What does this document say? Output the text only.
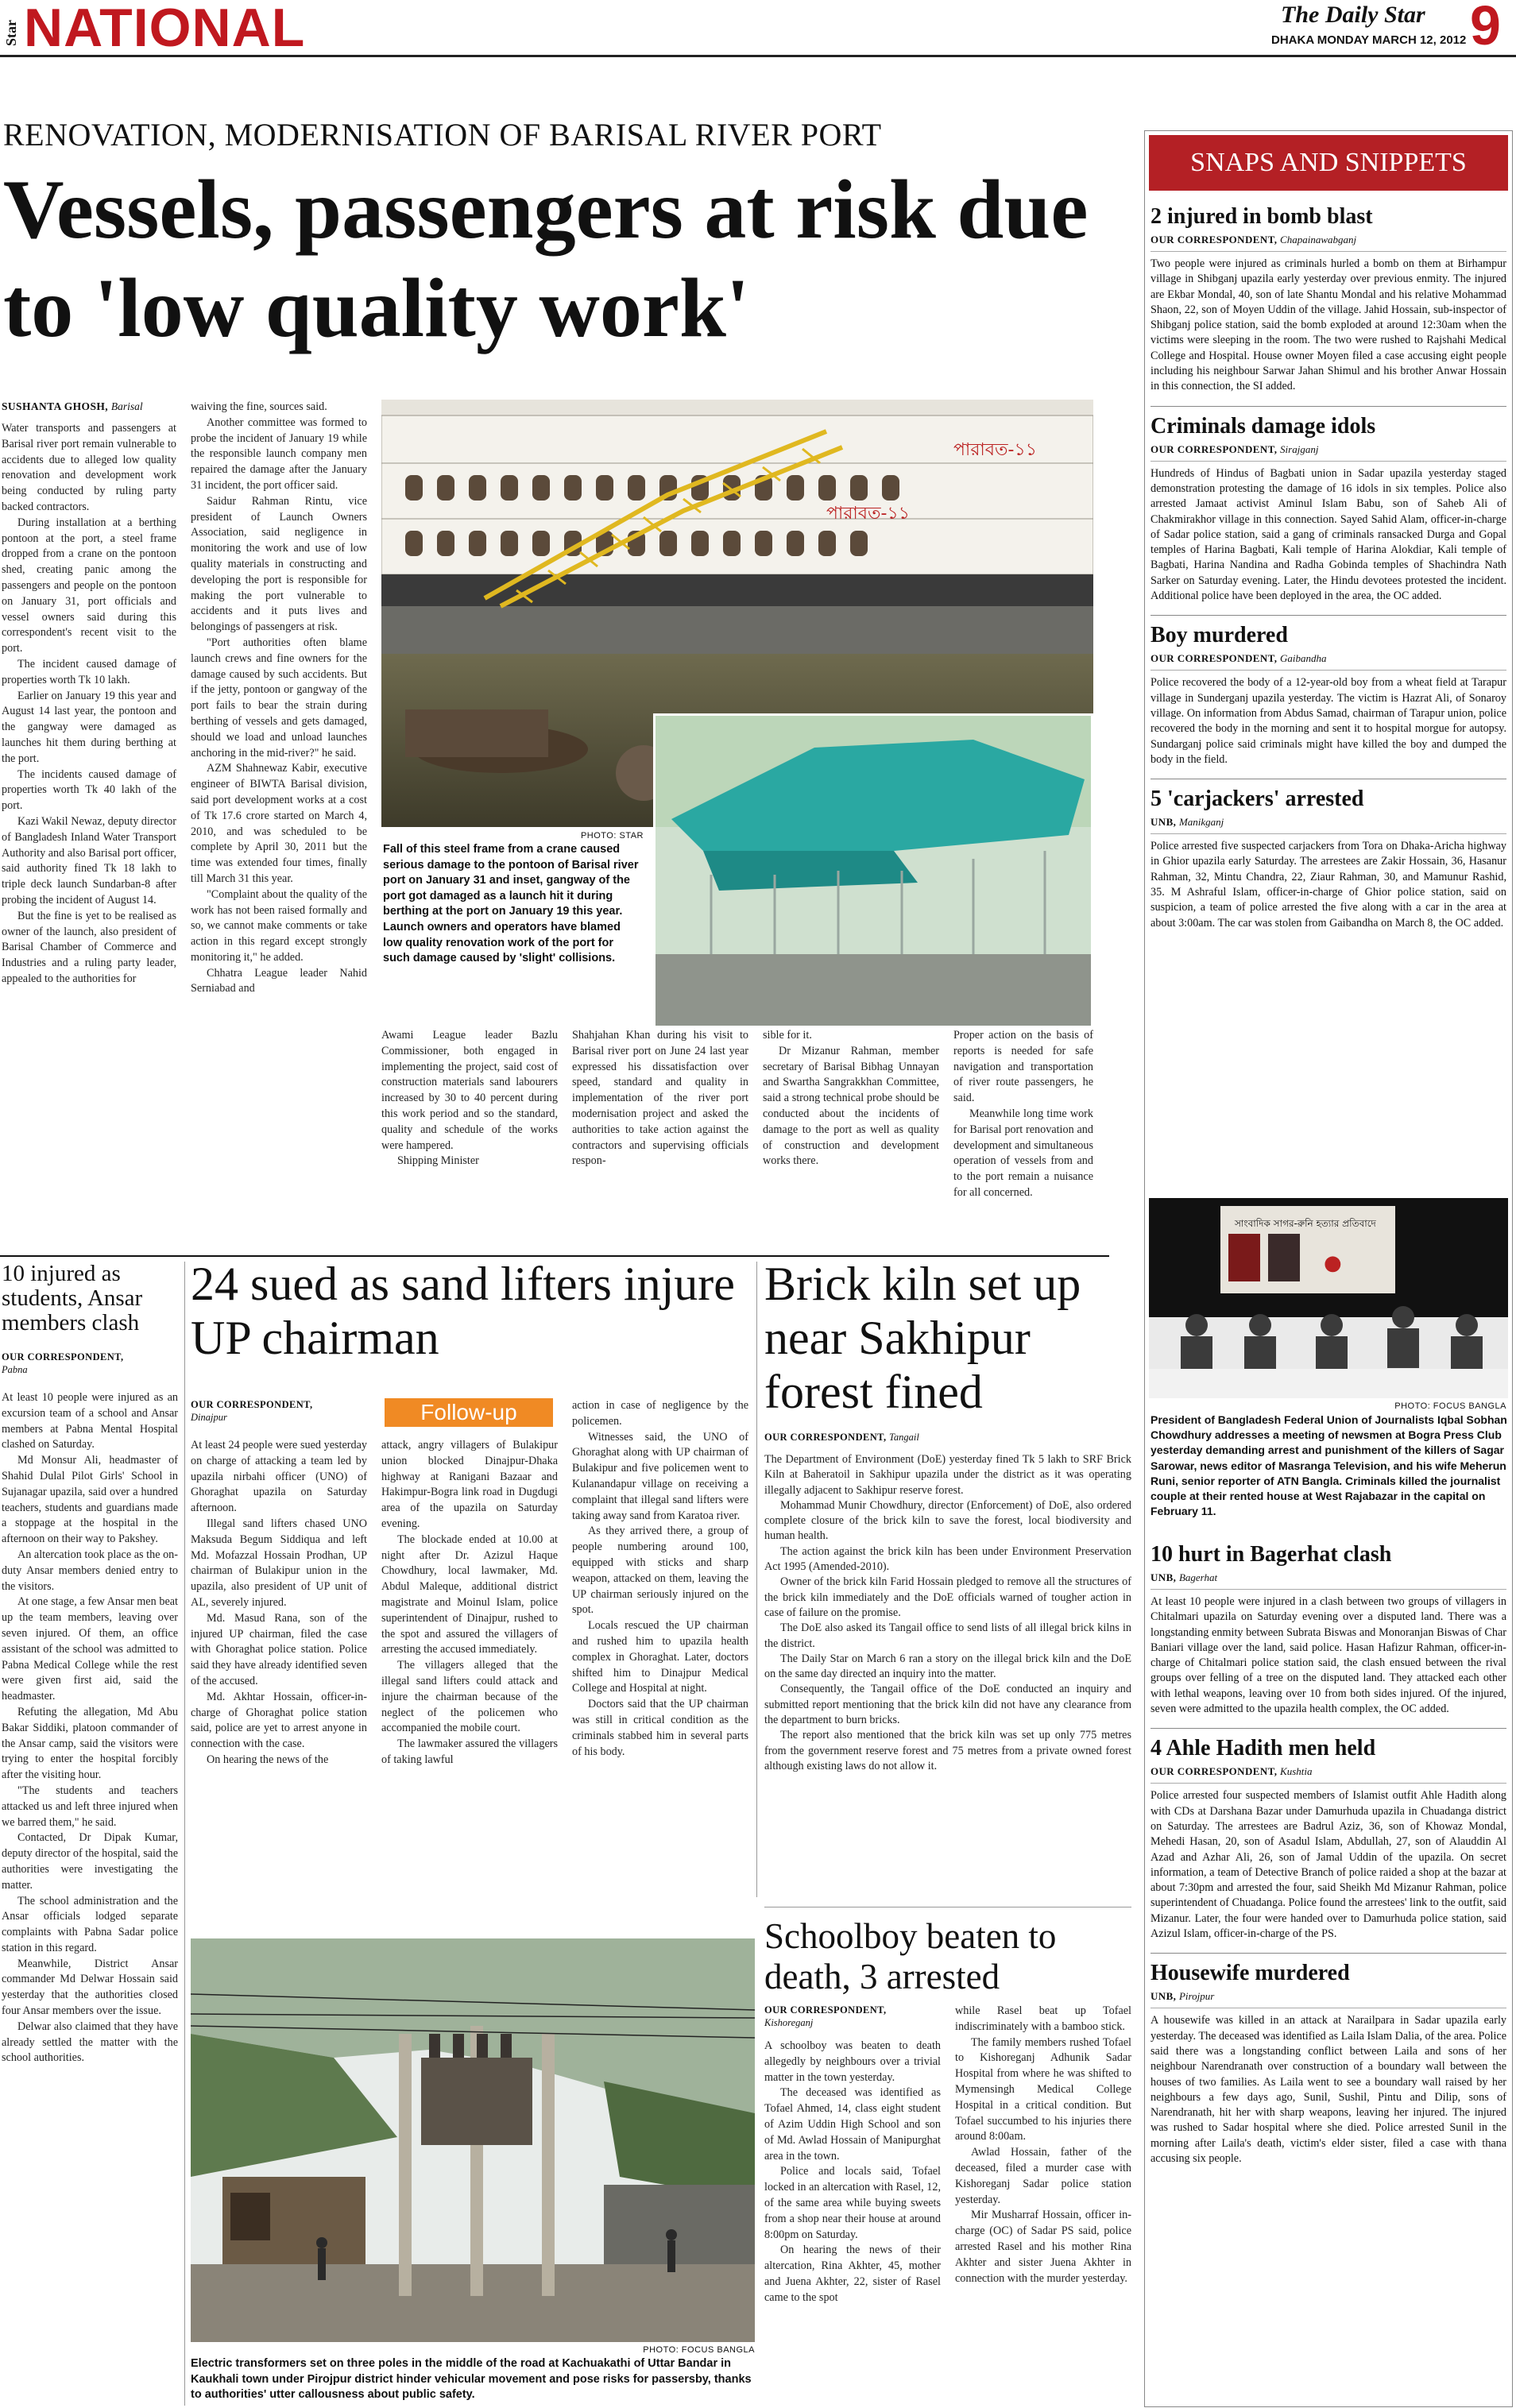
Star NATIONAL	The Daily Star
DHAKA MONDAY MARCH 12, 2012 9
RENOVATION, MODERNISATION OF BARISAL RIVER PORT
Vessels, passengers at risk due to 'low quality work'
SUSHANTA GHOSH, Barisal

Water transports and passengers at Barisal river port remain vulnerable to accidents due to alleged low quality renovation and development work being conducted by ruling party backed contractors.

During installation at a berthing pontoon at the port, a steel frame dropped from a crane on the pontoon shed, creating panic among the passengers and people on the pontoon on January 31, port officials and vessel owners said during this correspondent's recent visit to the port.

The incident caused damage of properties worth Tk 10 lakh.

Earlier on January 19 this year and August 14 last year, the pontoon and the gangway were damaged as launches hit them during berthing at the port.

The incidents caused damage of properties worth Tk 40 lakh of the port.

Kazi Wakil Newaz, deputy director of Bangladesh Inland Water Transport Authority and also Barisal port officer, said authority fined Tk 18 lakh to triple deck launch Sundarban-8 after probing the incident of August 14.

But the fine is yet to be realised as owner of the launch, also president of Barisal Chamber of Commerce and Industries and a ruling party leader, appealed to the authorities for

waiving the fine, sources said.

Another committee was formed to probe the incident of January 19 while the responsible launch company men repaired the damage after the January 31 incident, the port officer said.

Saidur Rahman Rintu, vice president of Launch Owners Association, said negligence in monitoring the work and use of low quality materials in constructing and developing the port is responsible for making the port vulnerable to accidents and it puts lives and belongings of passengers at risk.

"Port authorities often blame launch crews and fine owners for the damage caused by such accidents. But if the jetty, pontoon or gangway of the port fails to bear the strain during berthing of vessels and gets damaged, should we load and unload launches anchoring in the mid-river?" he said.

AZM Shahnewaz Kabir, executive engineer of BIWTA Barisal division, said port development works at a cost of Tk 17.6 crore started on March 4, 2010, and was scheduled to be complete by April 30, 2011 but the time was extended four times, finally till March 31 this year.

"Complaint about the quality of the work has not been raised formally and so, we cannot make comments or take action in this regard except strongly monitoring it," he added.

Chhatra League leader Nahid Serniabad and

পারাবত-১১
পারাবত-১১
PHOTO: STAR
Fall of this steel frame from a crane caused serious damage to the pontoon of Barisal river port on January 31 and inset, gangway of the port got damaged as a launch hit it during berthing at the port on January 19 this year. Launch owners and operators have blamed low quality renovation work of the port for such damage caused by 'slight' collisions.

Awami League leader Bazlu Commissioner, both engaged in implementing the project, said cost of construction materials sand labourers increased by 30 to 40 percent during this work period and so the standard, quality and schedule of the works were hampered.

Shipping Minister

Shahjahan Khan during his visit to Barisal river port on June 24 last year expressed his dissatisfaction over speed, standard and quality in implementation of the river port modernisation project and asked the authorities to take action against the contractors and supervising officials respon-

sible for it.

Dr Mizanur Rahman, member secretary of Barisal Bibhag Unnayan and Swartha Sangrakkhan Committee, said a strong technical probe should be conducted about the incidents of damage to the port as well as quality of construction and development works there.

Proper action on the basis of reports is needed for safe navigation and transportation of river route passengers, he said.

Meanwhile long time work for Barisal port renovation and development and simultaneous operation of vessels from and to the port remain a nuisance for all concerned.

10 injured as students, Ansar members clash
OUR CORRESPONDENT,
Pabna

At least 10 people were injured as an excursion team of a school and Ansar members at Pabna Mental Hospital clashed on Saturday.

Md Monsur Ali, headmaster of Shahid Dulal Pilot Girls' School in Sujanagar upazila, said over a hundred teachers, students and guardians made a stoppage at the hospital in the afternoon on their way to Pakshey.

An altercation took place as the on-duty Ansar members denied entry to the visitors.

At one stage, a few Ansar men beat up the team members, leaving over seven injured. Of them, an office assistant of the school was admitted to Pabna Medical College while the rest were given first aid, said the headmaster.

Refuting the allegation, Md Abu Bakar Siddiki, platoon commander of the Ansar camp, said the visitors were trying to enter the hospital forcibly after the visiting hour.

"The students and teachers attacked us and left three injured when we barred them," he said.

Contacted, Dr Dipak Kumar, deputy director of the hospital, said the authorities were investigating the matter.

The school administration and the Ansar officials lodged separate complaints with Pabna Sadar police station in this regard.

Meanwhile, District Ansar commander Md Delwar Hossain said yesterday that the authorities closed four Ansar members over the issue.

Delwar also claimed that they have already settled the matter with the school authorities.

24 sued as sand lifters injure UP chairman
OUR CORRESPONDENT,
Dinajpur	Follow-up

At least 24 people were sued yesterday on charge of attacking a team led by upazila nirbahi officer (UNO) of Ghoraghat upazila on Saturday afternoon.

Illegal sand lifters chased UNO Maksuda Begum Siddiqua and left Md. Mofazzal Hossain Prodhan, UP chairman of Bulakipur union in the upazila, also president of UP unit of AL, severely injured.

Md. Masud Rana, son of the injured UP chairman, filed the case with Ghoraghat police station. Police said they have already identified seven of the accused.

Md. Akhtar Hossain, officer-in-charge of Ghoraghat police station said, police are yet to arrest anyone in connection with the case.

On hearing the news of the

attack, angry villagers of Bulakipur union blocked Dinajpur-Dhaka highway at Ranigani Bazaar and Hakimpur-Bogra link road in Dugdugi area of the upazila on Saturday evening.

The blockade ended at 10.00 at night after Dr. Azizul Haque Chowdhury, local lawmaker, Md. Abdul Maleque, additional district magistrate and Moinul Islam, police superintendent of Dinajpur, rushed to the spot and assured the villagers of arresting the accused immediately.

The villagers alleged that the illegal sand lifters could attack and injure the chairman because of the neglect of the policemen who accompanied the mobile court.

The lawmaker assured the villagers of taking lawful

action in case of negligence by the policemen.

Witnesses said, the UNO of Ghoraghat along with UP chairman of Bulakipur and five policemen went to Kulanandapur village on receiving a complaint that illegal sand lifters were taking away sand from Karatoa river.

As they arrived there, a group of people numbering around 100, equipped with sticks and sharp weapon, attacked on them, leaving the UP chairman seriously injured on the spot.

Locals rescued the UP chairman and rushed him to upazila health complex in Ghoraghat. Later, doctors shifted him to Dinajpur Medical College and Hospital at night.

Doctors said that the UP chairman was still in critical condition as the criminals stabbed him in several parts of his body.

PHOTO: FOCUS BANGLA
Electric transformers set on three poles in the middle of the road at Kachuakathi of Uttar Bandar in Kaukhali town under Pirojpur district hinder vehicular movement and pose risks for passersby, thanks to authorities' utter callousness about public safety.
Brick kiln set up near Sakhipur forest fined
OUR CORRESPONDENT, Tangail

The Department of Environment (DoE) yesterday fined Tk 5 lakh to SRF Brick Kiln at Baheratoil in Sakhipur upazila under the district as it was operating illegally adjacent to Sakhipur reserve forest.

Mohammad Munir Chowdhury, director (Enforcement) of DoE, also ordered complete closure of the brick kiln to save the forest, local biodiversity and human health.

The action against the brick kiln has been under Environment Preservation Act 1995 (Amended-2010).

Owner of the brick kiln Farid Hossain pledged to remove all the structures of the brick kiln immediately and the DoE officials warned of tougher action in case of failure on the promise.

The DoE also asked its Tangail office to send lists of all illegal brick kilns in the district.

The Daily Star on March 6 ran a story on the illegal brick kiln and the DoE on the same day directed an inquiry into the matter.

Consequently, the Tangail office of the DoE conducted an inquiry and submitted report mentioning that the brick kiln did not have any clearance from the department to burn bricks.

The report also mentioned that the brick kiln was set up only 775 metres from the government reserve forest and 75 metres from a private owned forest although existing laws do not allow it.

Schoolboy beaten to death, 3 arrested
OUR CORRESPONDENT,
Kishoreganj

A schoolboy was beaten to death allegedly by neighbours over a trivial matter in the town yesterday.

The deceased was identified as Tofael Ahmed, 14, class eight student of Azim Uddin High School and son of Md. Awlad Hossain of Manipurghat area in the town.

Police and locals said, Tofael locked in an altercation with Rasel, 12, of the same area while buying sweets from a shop near their house at around 8:00pm on Saturday.

On hearing the news of their altercation, Rina Akhter, 45, mother and Juena Akhter, 22, sister of Rasel came to the spot

while Rasel beat up Tofael indiscriminately with a bamboo stick.

The family members rushed Tofael to Kishoreganj Adhunik Sadar Hospital from where he was shifted to Mymensingh Medical College Hospital in a critical condition. But Tofael succumbed to his injuries there around 8:00am.

Awlad Hossain, father of the deceased, filed a murder case with Kishoreganj Sadar police station yesterday.

Mir Musharraf Hossain, officer in-charge (OC) of Sadar PS said, police arrested Rasel and his mother Rina Akhter and sister Juena Akhter in connection with the murder yesterday.

SNAPS AND SNIPPETS
2 injured in bomb blast
OUR CORRESPONDENT, Chapainawabganj
Two people were injured as criminals hurled a bomb on them at Birhampur village in Shibganj upazila early yesterday over previous enmity. The injured are Ekbar Mondal, 40, son of late Shantu Mondal and his relative Mohammad Shaon, 22, son of Moyen Uddin of the village. Jahid Hossain, sub-inspector of Shibganj police station, said the bomb exploded at around 12:30am when the victims were sleeping in the room. The two were rushed to Rajshahi Medical College and Hospital. House owner Moyen filed a case accusing eight people including his neighbour Sarwar Jahan Shimul and his brother Anwar Hossain in this connection, the SI added.
Criminals damage idols
OUR CORRESPONDENT, Sirajganj
Hundreds of Hindus of Bagbati union in Sadar upazila yesterday staged demonstration protesting the damage of 16 idols in six temples. Police also arrested Jamaat activist Aminul Islam Babu, son of Saheb Ali of Chakmirakhor village in this connection. Sayed Sahid Alam, officer-in-charge of Sadar police station, said a gang of criminals ransacked Durga and Gopal temples of Harina Bagbati, Kali temple of Harina Alokdiar, Kali temple of Bagbati, Harina Nandina and Radha Gobinda temples of Shachindra Nath Sarker on Saturday evening. Later, the Hindu devotees protested the incident. Additional police have been deployed in the area, the OC added.
Boy murdered
OUR CORRESPONDENT, Gaibandha
Police recovered the body of a 12-year-old boy from a wheat field at Tarapur village in Sunderganj upazila yesterday. The victim is Hazrat Ali, of Sonaroy village. On information from Abdus Samad, chairman of Tarapur union, police recovered the body in the morning and sent it to hospital morgue for autopsy. Sundarganj police said criminals might have killed the boy and dumped the body in the field.
5 'carjackers' arrested
UNB, Manikganj
Police arrested five suspected carjackers from Tora on Dhaka-Aricha highway in Ghior upazila early Saturday. The arrestees are Zakir Hossain, 36, Hasanur Rahman, 32, Mintu Chandra, 22, Ziaur Rahman, 30, and Mamunur Rashid, 35. M Ashraful Islam, officer-in-charge of Ghior police station, said on suspicion, a team of police arrested the five along with a car in the area at about 3:00am. The car was stolen from Gaibandha on March 8, the OC added.
সাংবাদিক সাগর-রুনি হত্যার প্রতিবাদে
●
PHOTO: FOCUS BANGLA
President of Bangladesh Federal Union of Journalists Iqbal Sobhan Chowdhury addresses a meeting of newsmen at Bogra Press Club yesterday demanding arrest and punishment of the killers of Sagar Sarowar, news editor of Masranga Television, and his wife Meherun Runi, senior reporter of ATN Bangla. Criminals killed the journalist couple at their rented house at West Rajabazar in the capital on February 11.
10 hurt in Bagerhat clash
UNB, Bagerhat
At least 10 people were injured in a clash between two groups of villagers in Chitalmari upazila on Saturday evening over a disputed land. There was a longstanding enmity between Subrata Biswas and Monoranjan Biswas of Char Baniari village over the land, said police. Hasan Hafizur Rahman, officer-in-charge of Chitalmari police station said, the clash ensued between the rival groups over felling of a tree on the disputed land. They attacked each other with lethal weapons, leaving over 10 from both sides injured. Of the injured, seven were admitted to the upazila health complex, the OC added.
4 Ahle Hadith men held
OUR CORRESPONDENT, Kushtia
Police arrested four suspected members of Islamist outfit Ahle Hadith along with CDs at Darshana Bazar under Damurhuda upazila in Chuadanga district on Saturday. The arrestees are Badrul Aziz, 36, son of Khowaz Mondal, Mehedi Hasan, 20, son of Asadul Islam, Abdullah, 27, son of Alauddin Al Azad and Azhar Ali, 26, son of Jamal Uddin of the upazila. On secret information, a team of Detective Branch of police raided a shop at the bazar at about 7:30pm and arrested the four, said Sheikh Md Mizanur Rahman, police superintendent of Chuadanga. Police found the arrestees' link to the outfit, said Mizanur. Later, the four were handed over to Damurhuda police station, said Azizul Islam, officer-in-charge of the PS.
Housewife murdered
UNB, Pirojpur
A housewife was killed in an attack at Narailpara in Sadar upazila early yesterday. The deceased was identified as Laila Islam Dalia, of the area. Police said there was a longstanding conflict between Laila and sons of her neighbour Narendranath over construction of a boundary wall between the houses of two families. As Laila went to see a boundary wall raised by her neighbours a few days ago, Sunil, Sushil, Pintu and Dilip, sons of Narendranath, hit her with sharp weapons, leaving her injured. The injured was rushed to Sadar hospital where she died. Police arrested Sunil in the morning after Laila's death, victim's elder sister, filed a case with thana accusing six people.
